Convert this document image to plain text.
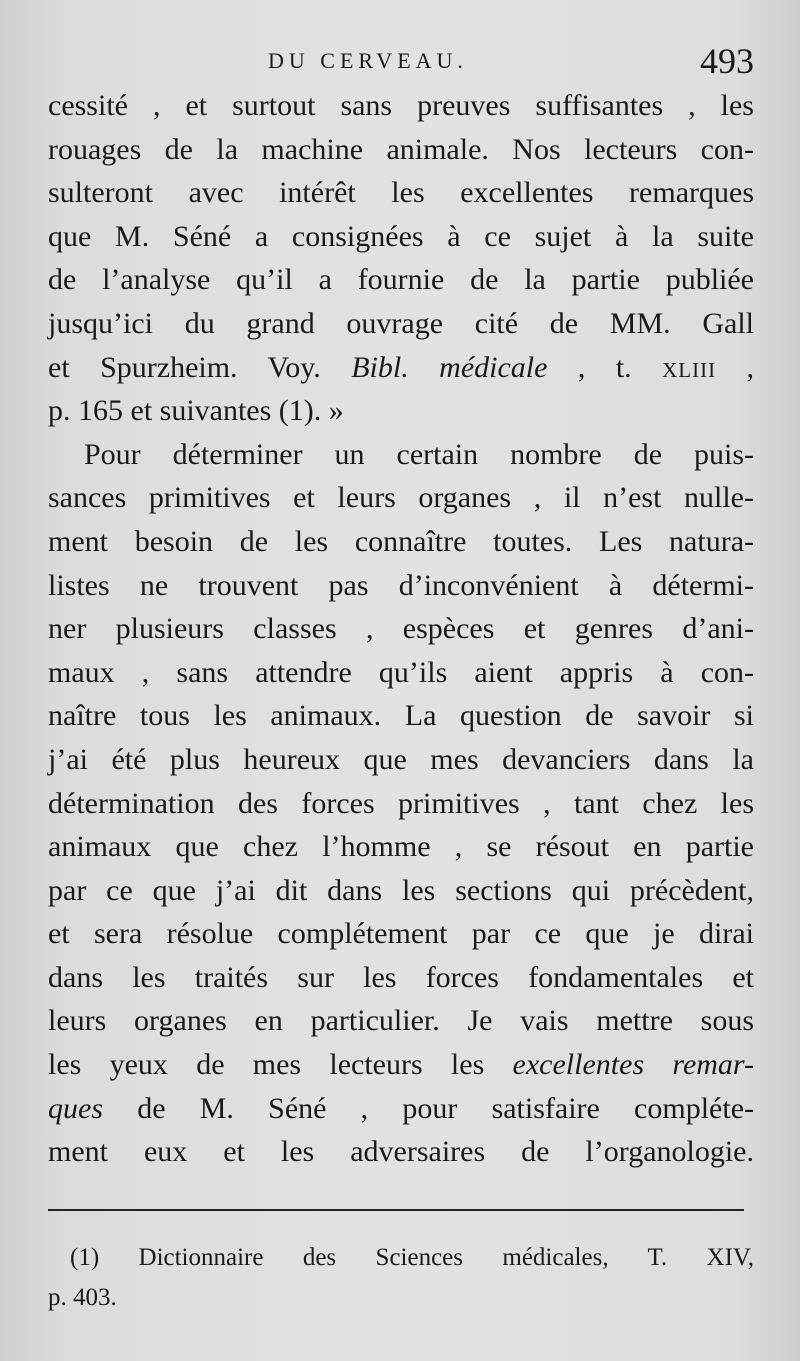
DU CERVEAU.	493
cessité , et surtout sans preuves suffisantes , les
rouages de la machine animale. Nos lecteurs con-
sulteront avec intérêt les excellentes remarques
que M. Séné a consignées à ce sujet à la suite
de l’analyse qu’il a fournie de la partie publiée
jusqu’ici du grand ouvrage cité de MM. Gall
et Spurzheim. Voy. Bibl. médicale , t. xliii ,
p. 165 et suivantes (1). »
Pour déterminer un certain nombre de puis-
sances primitives et leurs organes , il n’est nulle-
ment besoin de les connaître toutes. Les natura-
listes ne trouvent pas d’inconvénient à détermi-
ner plusieurs classes , espèces et genres d’ani-
maux , sans attendre qu’ils aient appris à con-
naître tous les animaux. La question de savoir si
j’ai été plus heureux que mes devanciers dans la
détermination des forces primitives , tant chez les
animaux que chez l’homme , se résout en partie
par ce que j’ai dit dans les sections qui précèdent,
et sera résolue complétement par ce que je dirai
dans les traités sur les forces fondamentales et
leurs organes en particulier. Je vais mettre sous
les yeux de mes lecteurs les excellentes remar-
ques de M. Séné , pour satisfaire complétе-
ment eux et les adversaires de l’organologie.
(1) Dictionnaire des Sciences médicales, T. XIV,
p. 403.
